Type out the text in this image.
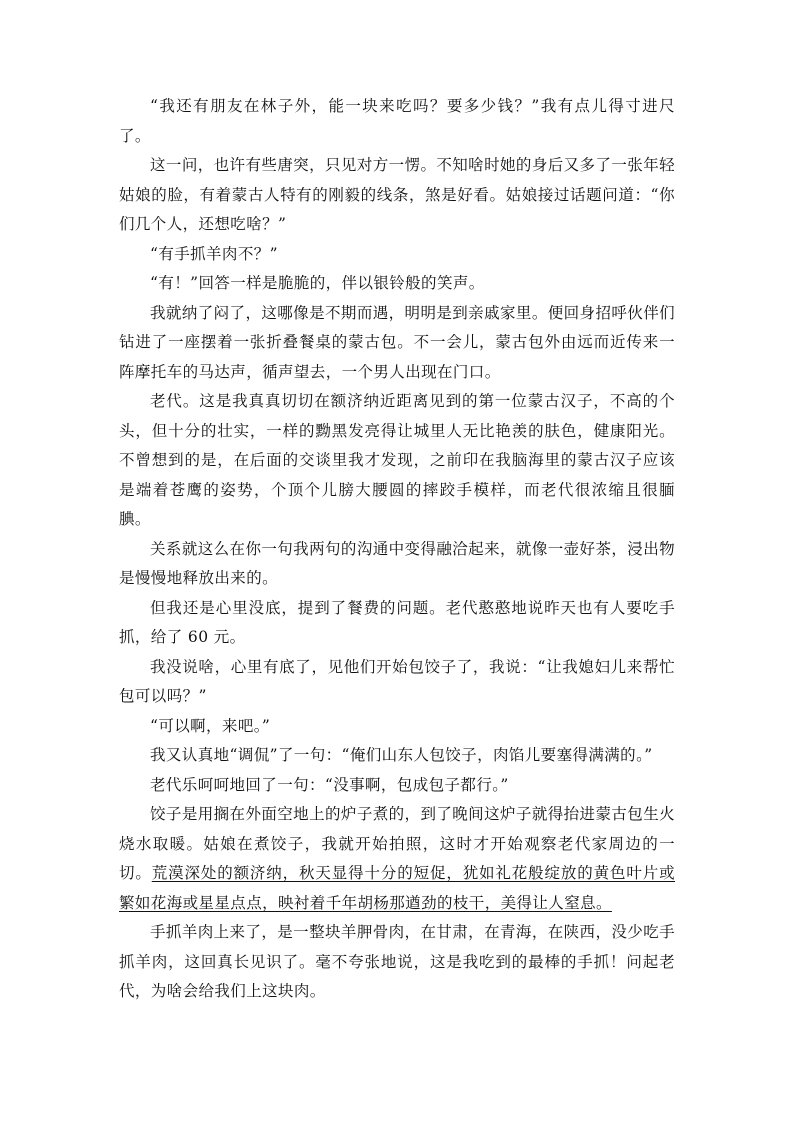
“我还有朋友在林子外，能一块来吃吗？要多少钱？”我有点儿得寸进尺了。

这一问，也许有些唐突，只见对方一愣。不知啥时她的身后又多了一张年轻姑娘的脸，有着蒙古人特有的刚毅的线条，煞是好看。姑娘接过话题问道：“你们几个人，还想吃啥？”

“有手抓羊肉不？”

“有！”回答一样是脆脆的，伴以银铃般的笑声。

我就纳了闷了，这哪像是不期而遇，明明是到亲戚家里。便回身招呼伙伴们钻进了一座摆着一张折叠餐桌的蒙古包。不一会儿，蒙古包外由远而近传来一阵摩托车的马达声，循声望去，一个男人出现在门口。

老代。这是我真真切切在额济纳近距离见到的第一位蒙古汉子，不高的个头，但十分的壮实，一样的黝黑发亮得让城里人无比艳羡的肤色，健康阳光。不曾想到的是，在后面的交谈里我才发现，之前印在我脑海里的蒙古汉子应该是端着苍鹰的姿势，个顶个儿膀大腰圆的摔跤手模样，而老代很浓缩且很腼腆。

关系就这么在你一句我两句的沟通中变得融洽起来，就像一壶好茶，浸出物是慢慢地释放出来的。

但我还是心里没底，提到了餐费的问题。老代憨憨地说昨天也有人要吃手抓，给了 60 元。

我没说啥，心里有底了，见他们开始包饺子了，我说：“让我媳妇儿来帮忙包可以吗？”

“可以啊，来吧。”

我又认真地“调侃”了一句：“俺们山东人包饺子，肉馅儿要塞得满满的。”

老代乐呵呵地回了一句：“没事啊，包成包子都行。”

饺子是用搁在外面空地上的炉子煮的，到了晚间这炉子就得抬进蒙古包生火烧水取暖。姑娘在煮饺子，我就开始拍照，这时才开始观察老代家周边的一切。荒漠深处的额济纳，秋天显得十分的短促，犹如礼花般绽放的黄色叶片或繁如花海或星星点点，映衬着千年胡杨那遒劲的枝干，美得让人窒息。

手抓羊肉上来了，是一整块羊胛骨肉，在甘肃，在青海，在陕西，没少吃手抓羊肉，这回真长见识了。毫不夸张地说，这是我吃到的最棒的手抓！问起老代，为啥会给我们上这块肉。
